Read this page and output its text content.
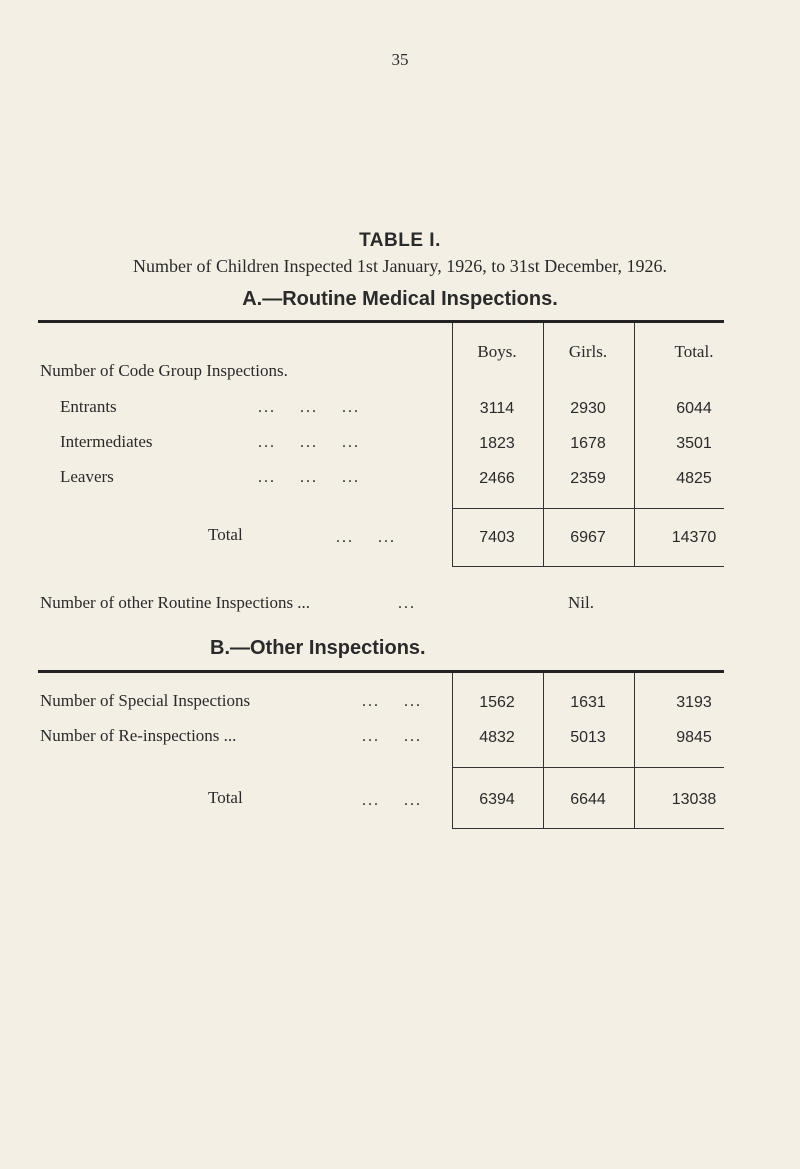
35
TABLE I.
Number of Children Inspected 1st January, 1926, to 31st December, 1926.
A.—Routine Medical Inspections.
Boys.	Girls.	Total.
Number of Code Group Inspections.
Entrants	...    ...    ...	3114	2930	6044
Intermediates	...    ...    ...	1823	1678	3501
Leavers	...    ...    ...	2466	2359	4825
Total	...    ...	7403	6967	14370
Number of other Routine Inspections ...	...	Nil.
B.—Other Inspections.
Number of Special Inspections	...    ...	1562	1631	3193
Number of Re-inspections ...	...    ...	4832	5013	9845
Total	...    ...	6394	6644	13038
